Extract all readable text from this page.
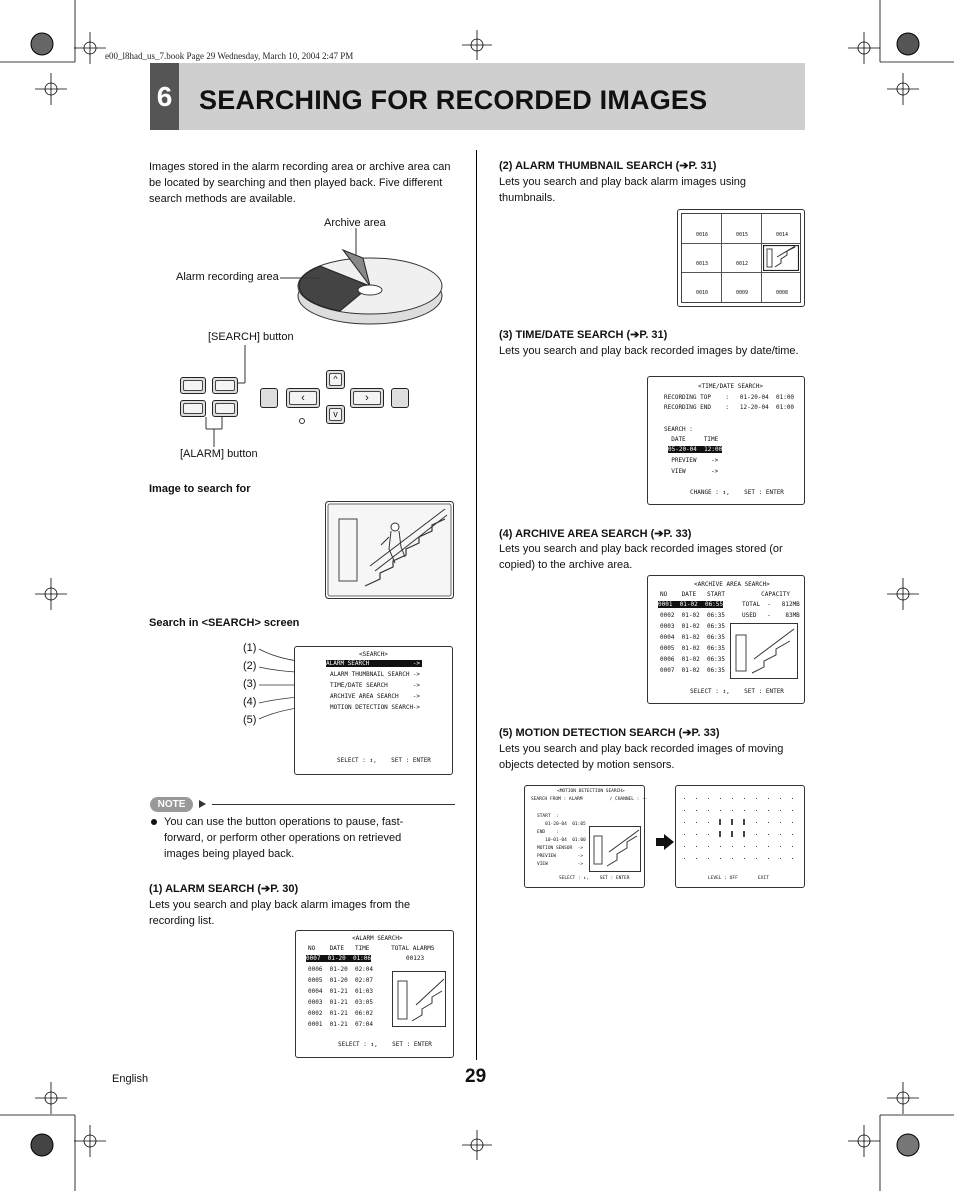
e00_l8had_us_7.book Page 29 Wednesday, March 10, 2004 2:47 PM
6 SEARCHING FOR RECORDED IMAGES
Images stored in the alarm recording area or archive area can be located by searching and then played back. Five different search methods are available.
Archive area
Alarm recording area
[SEARCH] button
‹
^
v
›
[ALARM] button
Image to search for
Search in <SEARCH> screen
(1)
(2)
(3)
(4)
(5)
<SEARCH>
ALARM SEARCH	->
ALARM THUMBNAIL SEARCH ->
TIME/DATE SEARCH	->
ARCHIVE AREA SEARCH ->
MOTION DETECTION SEARCH ->
SELECT : ↕,    SET : ENTER
NOTE
You can use the button operations to pause, fast-forward, or perform other operations on retrieved images being played back.
(1) ALARM SEARCH (➔P. 30)
Lets you search and play back alarm images from the recording list.
<ALARM SEARCH>
NO    DATE   TIME      TOTAL ALARMS
00123
0007  01-20  01:06
0006  01-20  02:04
0005  01-20  02:07
0004  01-21  01:03
0003  01-21  03:05
0002  01-21  06:02
0001  01-21  07:04
SELECT : ↕,    SET : ENTER
English	29
(2) ALARM THUMBNAIL SEARCH (➔P. 31)
Lets you search and play back alarm images using thumbnails.
0016	0015	0014
0013	0012
0010	0009	0008
(3) TIME/DATE SEARCH (➔P. 31)
Lets you search and play back recorded images by date/time.
<TIME/DATE SEARCH>
RECORDING TOP    :   01-20-04  01:00
RECORDING END    :   12-20-04  01:00
SEARCH :
DATE     TIME
05-20-04  12:00
PREVIEW    ->
VIEW       ->
CHANGE : ↕,    SET : ENTER
(4) ARCHIVE AREA SEARCH (➔P. 33)
Lets you search and play back recorded images stored (or copied) to the archive area.
<ARCHIVE AREA SEARCH>
NO    DATE   START          CAPACITY
0001  01-02  06:55
0002  01-02  06:35
0003  01-02  06:35
0004  01-02  06:35
0005  01-02  06:35
0006  01-02  06:35
0007  01-02  06:35
TOTAL  -   812MB
USED   -    83MB
SELECT : ↕,    SET : ENTER
(5) MOTION DETECTION SEARCH (➔P. 33)
Lets you search and play back recorded images of moving objects detected by motion sensors.
<MOTION DETECTION SEARCH>
SEARCH FROM : ALARM          / CHANNEL : --
START  :
01-20-04  01:05
END    :
10-01-04  01:00
MOTION SENSOR  ->
PREVIEW        ->
VIEW           ->
SELECT : ↕,    SET : ENTER	LEVEL : OFF	EXIT
